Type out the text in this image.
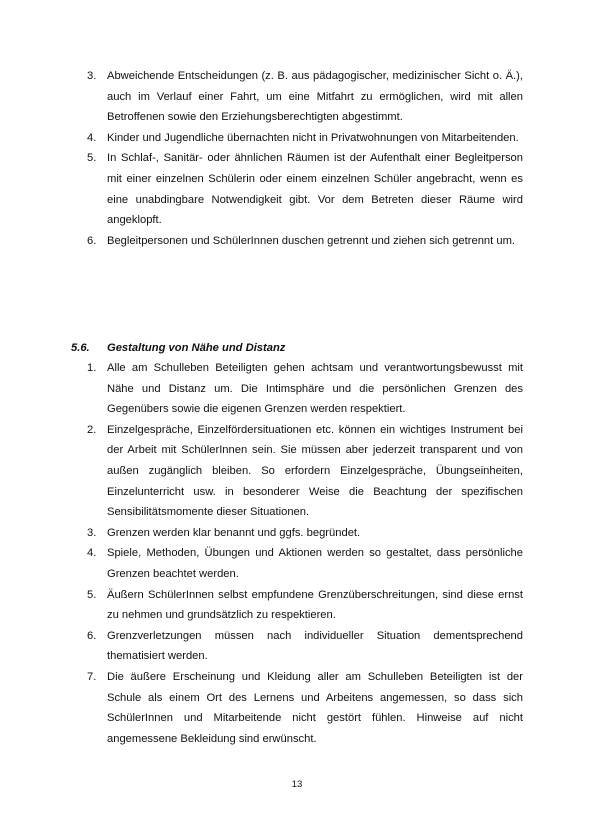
3. Abweichende Entscheidungen (z. B. aus pädagogischer, medizinischer Sicht o. Ä.), auch im Verlauf einer Fahrt, um eine Mitfahrt zu ermöglichen, wird mit allen Betroffenen sowie den Erziehungsberechtigten abgestimmt.
4. Kinder und Jugendliche übernachten nicht in Privatwohnungen von Mitarbeitenden.
5. In Schlaf-, Sanitär- oder ähnlichen Räumen ist der Aufenthalt einer Begleitperson mit einer einzelnen Schülerin oder einem einzelnen Schüler angebracht, wenn es eine unabdingbare Notwendigkeit gibt. Vor dem Betreten dieser Räume wird angeklopft.
6. Begleitpersonen und SchülerInnen duschen getrennt und ziehen sich getrennt um.
5.6. Gestaltung von Nähe und Distanz
1. Alle am Schulleben Beteiligten gehen achtsam und verantwortungsbewusst mit Nähe und Distanz um. Die Intimsphäre und die persönlichen Grenzen des Gegenübers sowie die eigenen Grenzen werden respektiert.
2. Einzelgespräche, Einzelfördersituationen etc. können ein wichtiges Instrument bei der Arbeit mit SchülerInnen sein. Sie müssen aber jederzeit transparent und von außen zugänglich bleiben. So erfordern Einzelgespräche, Übungseinheiten, Einzelunterricht usw. in besonderer Weise die Beachtung der spezifischen Sensibilitätsmomente dieser Situationen.
3. Grenzen werden klar benannt und ggfs. begründet.
4. Spiele, Methoden, Übungen und Aktionen werden so gestaltet, dass persönliche Grenzen beachtet werden.
5. Äußern SchülerInnen selbst empfundene Grenzüberschreitungen, sind diese ernst zu nehmen und grundsätzlich zu respektieren.
6. Grenzverletzungen müssen nach individueller Situation dementsprechend thematisiert werden.
7. Die äußere Erscheinung und Kleidung aller am Schulleben Beteiligten ist der Schule als einem Ort des Lernens und Arbeitens angemessen, so dass sich SchülerInnen und Mitarbeitende nicht gestört fühlen. Hinweise auf nicht angemessene Bekleidung sind erwünscht.
13
